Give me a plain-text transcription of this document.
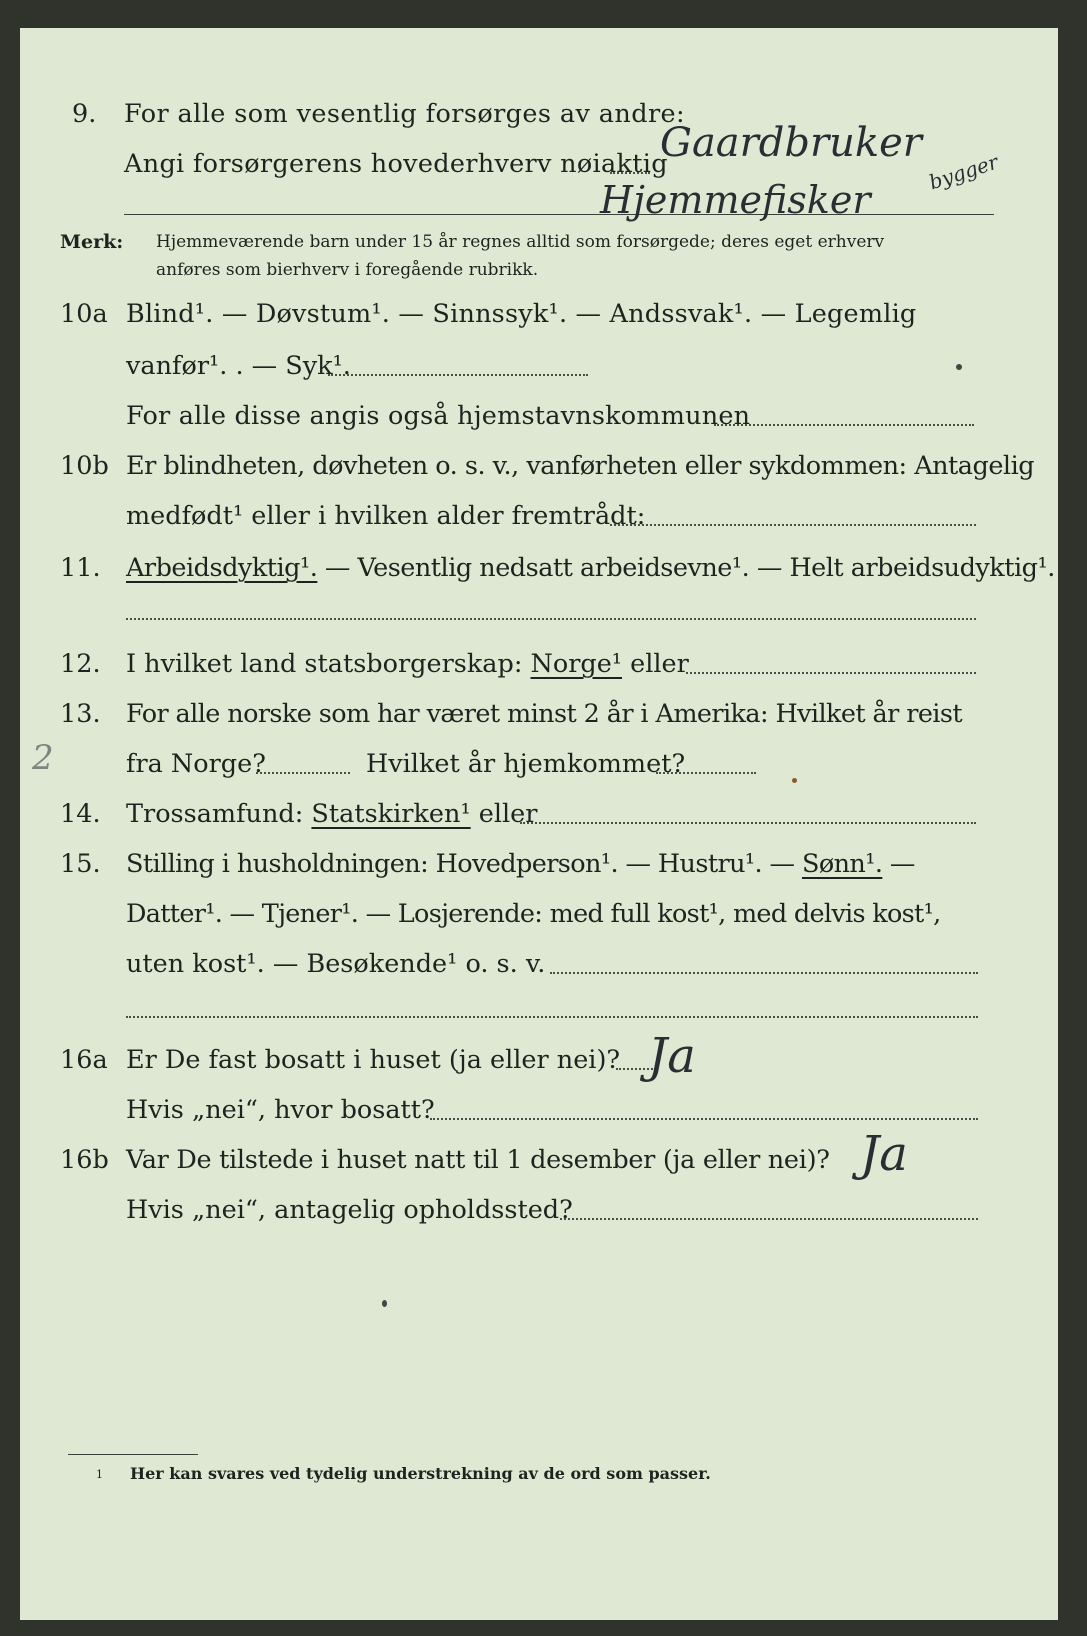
9. For alle som vesentlig forsørges av andre:
Angi forsørgerens hovederhverv nøiaktig
Gaardbruker
Hjemmefisker
bygger
Merk: Hjemmeværende barn under 15 år regnes alltid som forsørgede; deres eget erhverv
anføres som bierhverv i foregående rubrikk.
10a Blind¹. — Døvstum¹. — Sinnssyk¹. — Andssvak¹. — Legemlig
vanfør¹. . — Syk¹.
For alle disse angis også hjemstavnskommunen
10b Er blindheten, døvheten o. s. v., vanførheten eller sykdommen: Antagelig
medfødt¹ eller i hvilken alder fremtrådt:
11. Arbeidsdyktig¹. — Vesentlig nedsatt arbeidsevne¹. — Helt arbeidsudyktig¹.
12. I hvilket land statsborgerskap: Norge¹ eller
13. For alle norske som har været minst 2 år i Amerika: Hvilket år reist
2	fra Norge?	Hvilket år hjemkommet?
14. Trossamfund: Statskirken¹ eller
15. Stilling i husholdningen: Hovedperson¹. — Hustru¹. — Sønn¹. —
Datter¹. — Tjener¹. — Losjerende: med full kost¹, med delvis kost¹,
uten kost¹. — Besøkende¹ o. s. v.
16a Er De fast bosatt i huset (ja eller nei)? Ja
Hvis „nei“, hvor bosatt?
16b Var De tilstede i huset natt til 1 desember (ja eller nei)? Ja
Hvis „nei“, antagelig opholdssted?
1 Her kan svares ved tydelig understrekning av de ord som passer.
